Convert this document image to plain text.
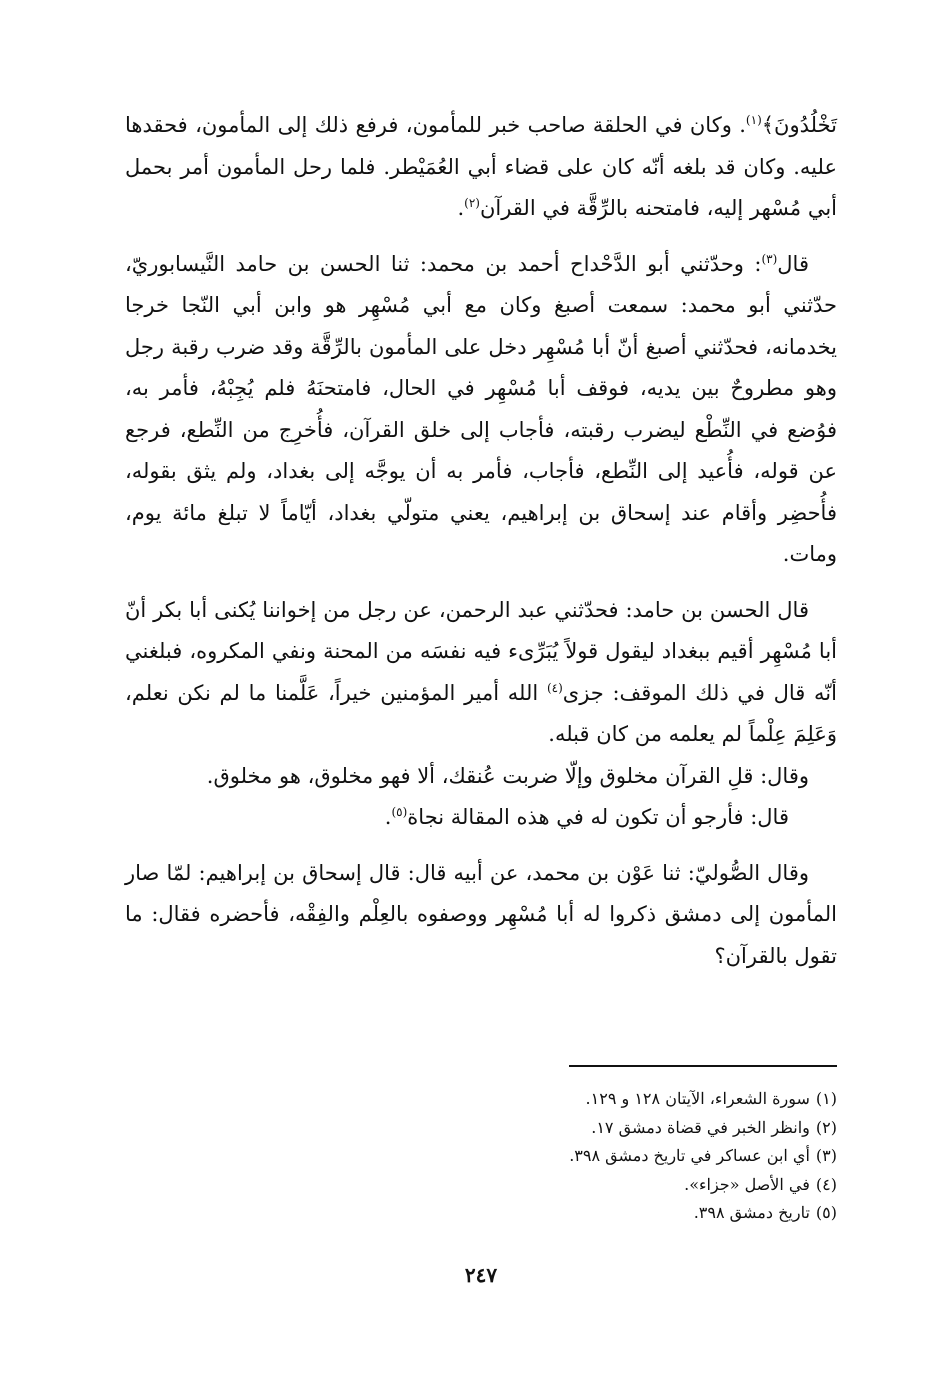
تَخْلُدُونَ﴾$^{(١)}$. وكان في الحلقة صاحب خبر للمأمون، فرفع ذلك إلى المأمون، فحقدها عليه. وكان قد بلغه أنّه كان على قضاء أبي العُمَيْطر. فلما رحل المأمون أمر بحمل أبي مُسْهر إليه، فامتحنه بالرِّقَّة في القرآن$^{(٢)}$.

قال$^{(٣)}$: وحدّثني أبو الدَّحْداح أحمد بن محمد: ثنا الحسن بن حامد النَّيسابوريّ، حدّثني أبو محمد: سمعت أصبغ وكان مع أبي مُسْهِر هو وابن أبي النّجا خرجا يخدمانه، فحدّثني أصبغ أنّ أبا مُسْهِر دخل على المأمون بالرِّقَّة وقد ضرب رقبة رجل وهو مطروحٌ بين يديه، فوقف أبا مُسْهِر في الحال، فامتحنَهُ فلم يُجِبْهُ، فأمر به، فوُضع في النِّطْع ليضرب رقبته، فأجاب إلى خلق القرآن، فأُخرِج من النِّطع، فرجع عن قوله، فأُعيد إلى النِّطع، فأجاب، فأمر به أن يوجَّه إلى بغداد، ولم يثق بقوله، فأُحضِر وأقام عند إسحاق بن إبراهيم، يعني متولّي بغداد، أيّاماً لا تبلغ مائة يوم، ومات.

قال الحسن بن حامد: فحدّثني عبد الرحمن، عن رجل من إخواننا يُكنى أبا بكر أنّ أبا مُسْهِر أقيم ببغداد ليقول قولاً يُبَرِّىء فيه نفسَه من المحنة ونفي المكروه، فبلغني أنّه قال في ذلك الموقف: جزى$^{(٤)}$ الله أمير المؤمنين خيراً، عَلَّمنا ما لم نكن نعلم، وَعَلِمَ عِلْماً لم يعلمه من كان قبله.

وقال: قلِ القرآن مخلوق وإلّا ضربت عُنقك، ألا فهو مخلوق، هو مخلوق.

قال: فأرجو أن تكون له في هذه المقالة نجاة$^{(٥)}$.

وقال الصُّوليّ: ثنا عَوْن بن محمد، عن أبيه قال: قال إسحاق بن إبراهيم: لمّا صار المأمون إلى دمشق ذكروا له أبا مُسْهِر ووصفوه بالعِلْم والفِقْه، فأحضره فقال: ما تقول بالقرآن؟

(١)سورة الشعراء، الآيتان ١٢٨ و ١٢٩.
(٢)وانظر الخبر في قضاة دمشق ١٧.
(٣)أي ابن عساكر في تاريخ دمشق ٣٩٨.
(٤)في الأصل «جزاء».
(٥)تاريخ دمشق ٣٩٨.
٢٤٧
